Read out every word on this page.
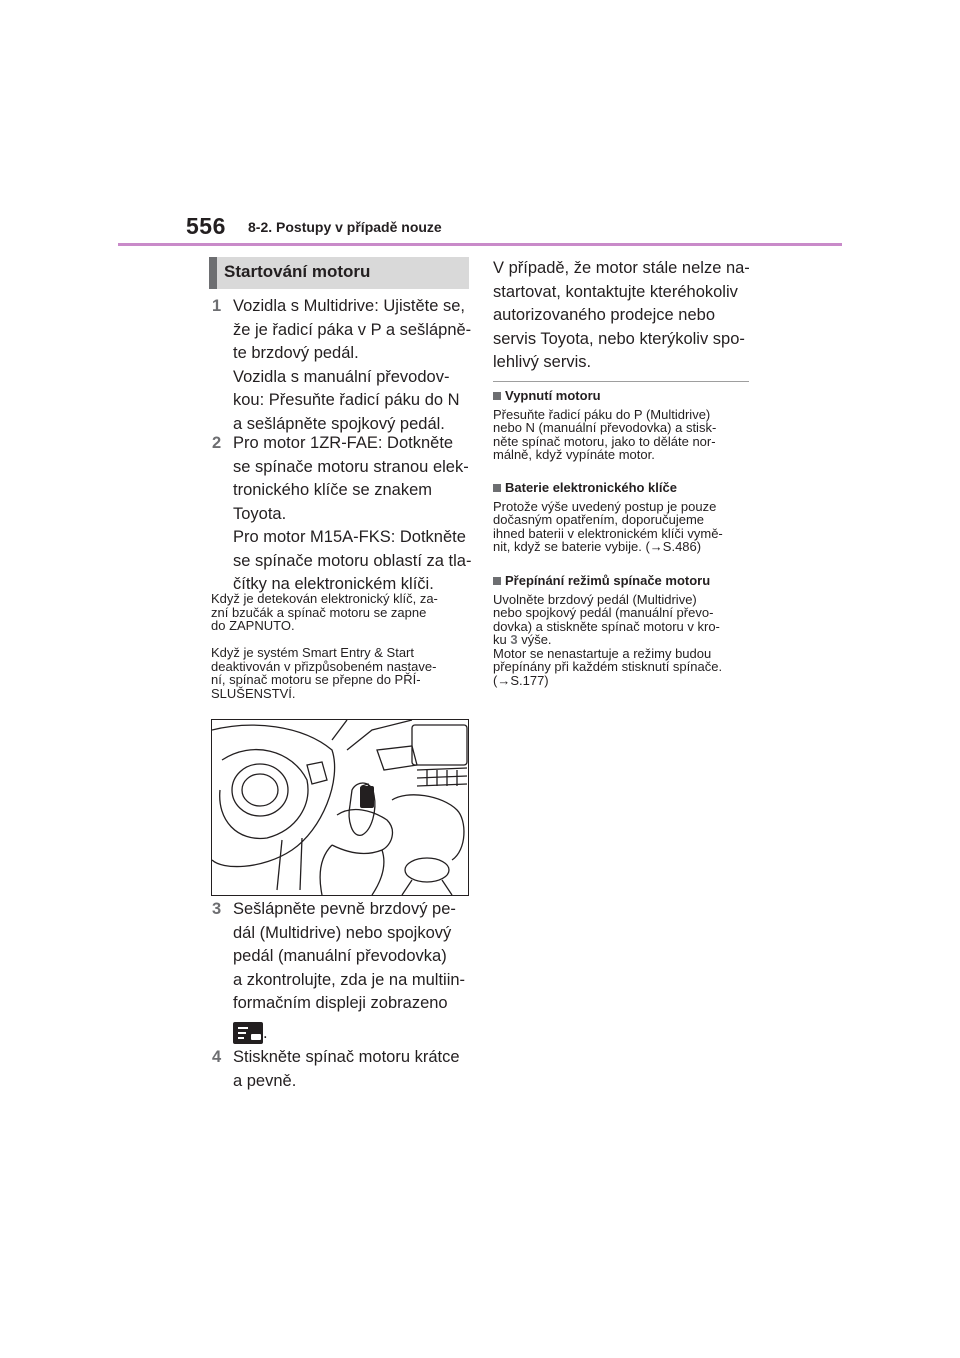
556 8-2. Postupy v případě nouze
Startování motoru
1 Vozidla s Multidrive: Ujistěte se,
že je řadicí páka v P a sešlápně-
te brzdový pedál.
Vozidla s manuální převodov-
kou: Přesuňte řadicí páku do N
a sešlápněte spojkový pedál.
2 Pro motor 1ZR-FAE: Dotkněte
se spínače motoru stranou elek-
tronického klíče se znakem
Toyota.
Pro motor M15A-FKS: Dotkněte
se spínače motoru oblastí za tla-
čítky na elektronickém klíči.
Když je detekován elektronický klíč, za-
zní bzučák a spínač motoru se zapne
do ZAPNUTO.
Když je systém Smart Entry & Start
deaktivován v přizpůsobeném nastave-
ní, spínač motoru se přepne do PŘÍ-
SLUŠENSTVÍ.
3 Sešlápněte pevně brzdový pe-
dál (Multidrive) nebo spojkový
pedál (manuální převodovka)
a zkontrolujte, zda je na multiin-
formačním displeji zobrazeno
.
4 Stiskněte spínač motoru krátce
a pevně.
V případě, že motor stále nelze na-
startovat, kontaktujte kteréhokoliv
autorizovaného prodejce nebo
servis Toyota, nebo kterýkoliv spo-
lehlivý servis.
Vypnutí motoru
Přesuňte řadicí páku do P (Multidrive)
nebo N (manuální převodovka) a stisk-
něte spínač motoru, jako to děláte nor-
málně, když vypínáte motor.
Baterie elektronického klíče
Protože výše uvedený postup je pouze
dočasným opatřením, doporučujeme
ihned baterii v elektronickém klíči vymě-
nit, když se baterie vybije. (→S.486)
Přepínání režimů spínače motoru
Uvolněte brzdový pedál (Multidrive)
nebo spojkový pedál (manuální převo-
dovka) a stiskněte spínač motoru v kro-
ku 3 výše.
Motor se nenastartuje a režimy budou
přepínány při každém stisknutí spínače.
(→S.177)
